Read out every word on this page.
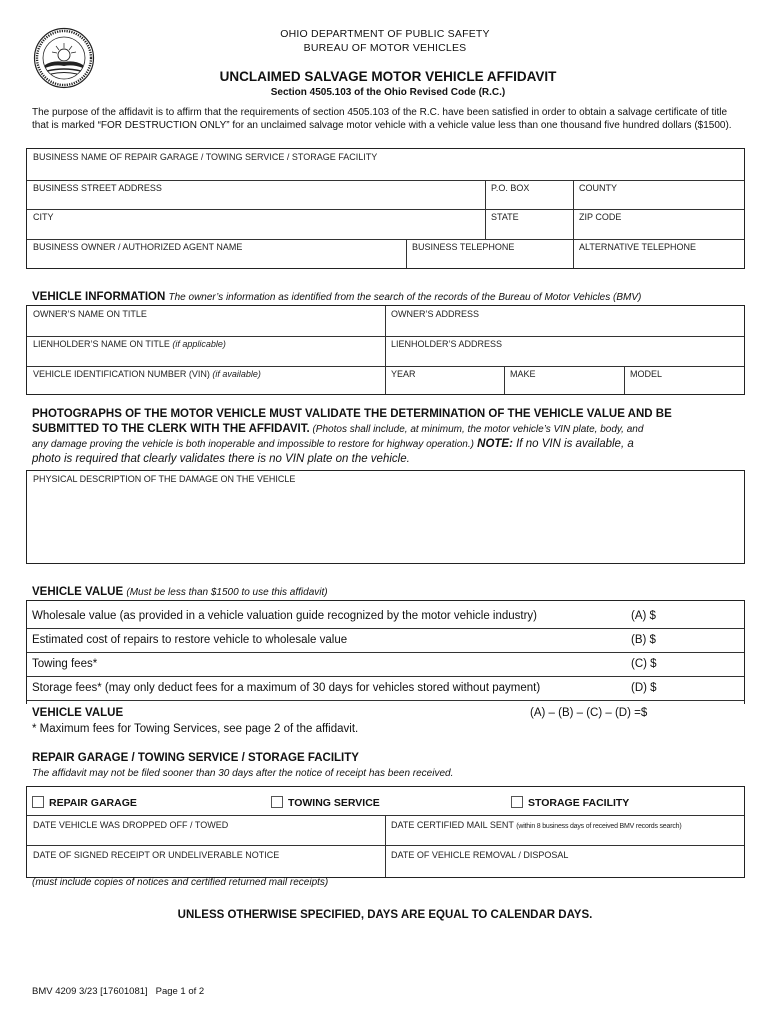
OHIO DEPARTMENT OF PUBLIC SAFETY
BUREAU OF MOTOR VEHICLES
UNCLAIMED SALVAGE MOTOR VEHICLE AFFIDAVIT
Section 4505.103 of the Ohio Revised Code (R.C.)
The purpose of the affidavit is to affirm that the requirements of section 4505.103 of the R.C. have been satisfied in order to obtain a salvage certificate of title that is marked “FOR DESTRUCTION ONLY” for an unclaimed salvage motor vehicle with a vehicle value less than one thousand five hundred dollars ($1500).
BUSINESS NAME OF REPAIR GARAGE / TOWING SERVICE / STORAGE FACILITY
BUSINESS STREET ADDRESS	P.O. BOX	COUNTY
CITY	STATE	ZIP CODE
BUSINESS OWNER / AUTHORIZED AGENT NAME	BUSINESS TELEPHONE	ALTERNATIVE TELEPHONE
VEHICLE INFORMATION The owner’s information as identified from the search of the records of the Bureau of Motor Vehicles (BMV)
OWNER’S NAME ON TITLE	OWNER’S ADDRESS
LIENHOLDER’S NAME ON TITLE (if applicable)	LIENHOLDER’S ADDRESS
VEHICLE IDENTIFICATION NUMBER (VIN) (if available)	YEAR	MAKE	MODEL
PHOTOGRAPHS OF THE MOTOR VEHICLE MUST VALIDATE THE DETERMINATION OF THE VEHICLE VALUE AND BE
SUBMITTED TO THE CLERK WITH THE AFFIDAVIT. (Photos shall include, at minimum, the motor vehicle’s VIN plate, body, and
any damage proving the vehicle is both inoperable and impossible to restore for highway operation.) NOTE: If no VIN is available, a
photo is required that clearly validates there is no VIN plate on the vehicle.
PHYSICAL DESCRIPTION OF THE DAMAGE ON THE VEHICLE
VEHICLE VALUE (Must be less than $1500 to use this affidavit)
Wholesale value (as provided in a vehicle valuation guide recognized by the motor vehicle industry)	(A) $
Estimated cost of repairs to restore vehicle to wholesale value	(B) $
Towing fees*	(C) $
Storage fees* (may only deduct fees for a maximum of 30 days for vehicles stored without payment)	(D) $
VEHICLE VALUE	(A) – (B) – (C) – (D) =$
* Maximum fees for Towing Services, see page 2 of the affidavit.
REPAIR GARAGE / TOWING SERVICE / STORAGE FACILITY
The affidavit may not be filed sooner than 30 days after the notice of receipt has been received.
DATE VEHICLE WAS DROPPED OFF / TOWED	DATE CERTIFIED MAIL SENT (within 8 business days of received BMV records search)
DATE OF SIGNED RECEIPT OR UNDELIVERABLE NOTICE	DATE OF VEHICLE REMOVAL / DISPOSAL
REPAIR GARAGE	TOWING SERVICE	STORAGE FACILITY
(must include copies of notices and certified returned mail receipts)
UNLESS OTHERWISE SPECIFIED, DAYS ARE EQUAL TO CALENDAR DAYS.
BMV 4209 3/23 [17601081] Page 1 of 2
